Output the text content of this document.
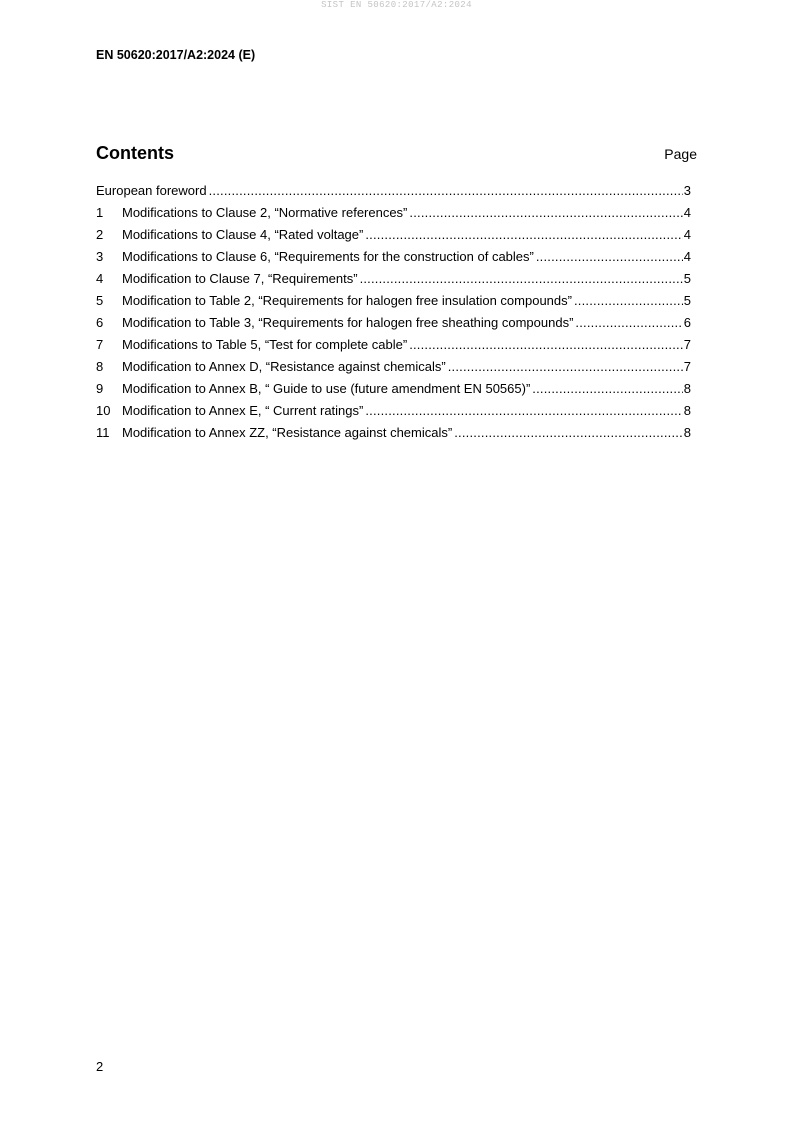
SIST EN 50620:2017/A2:2024
EN 50620:2017/A2:2024 (E)
Contents	Page
European foreword .....	3
1	Modifications to Clause 2, “Normative references” .....	4
2	Modifications to Clause 4, “Rated voltage” .....	4
3	Modifications to Clause 6, “Requirements for the construction of cables” .....	4
4	Modification to Clause 7, “Requirements” .....	5
5	Modification to Table 2, “Requirements for halogen free insulation compounds” .....	5
6	Modification to Table 3, “Requirements for halogen free sheathing compounds” .....	6
7	Modifications to Table 5, “Test for complete cable” .....	7
8	Modification to Annex D, “Resistance against chemicals” .....	7
9	Modification to Annex B, “ Guide to use (future amendment EN 50565)” .....	8
10 Modification to Annex E, “ Current ratings” .....	8
11 Modification to Annex ZZ, “Resistance against chemicals” .....	8
2
